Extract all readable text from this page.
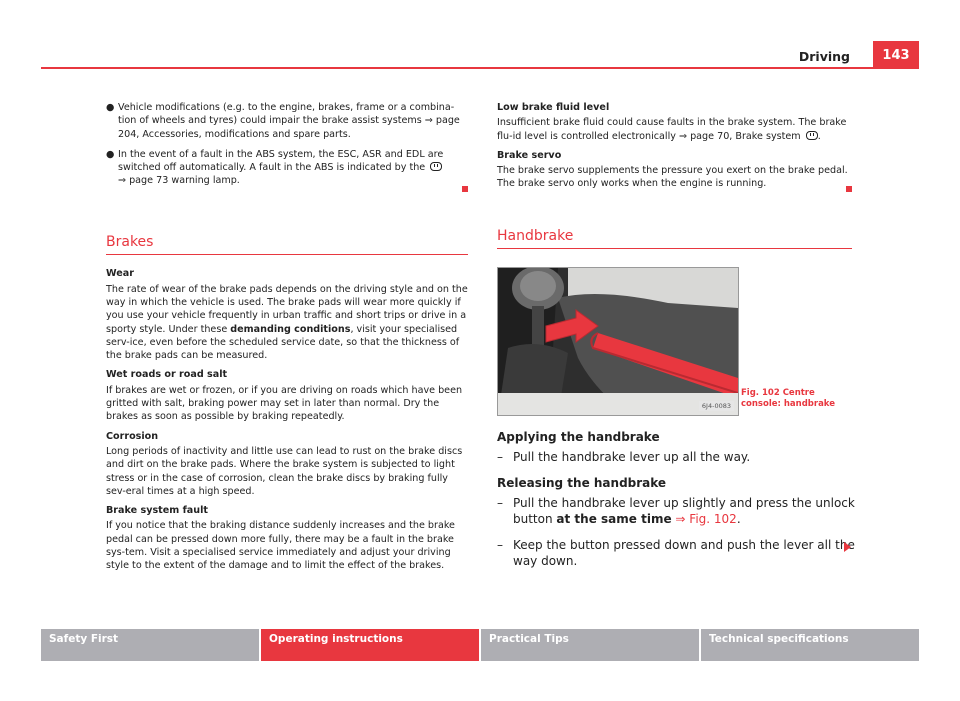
Driving	143
● Vehicle modifications (e.g. to the engine, brakes, frame or a combina-tion of wheels and tyres) could impair the brake assist systems ⇒ page 204, Accessories, modifications and spare parts.
● In the event of a fault in the ABS system, the ESC, ASR and EDL are switched off automatically. A fault in the ABS is indicated by the
⇒ page 73 warning lamp.
Brakes

Wear

The rate of wear of the brake pads depends on the driving style and on the way in which the vehicle is used. The brake pads will wear more quickly if you use your vehicle frequently in urban traffic and short trips or drive in a sporty style. Under these demanding conditions, visit your specialised serv-ice, even before the scheduled service date, so that the thickness of the brake pads can be measured.

Wet roads or road salt

If brakes are wet or frozen, or if you are driving on roads which have been gritted with salt, braking power may set in later than normal. Dry the brakes as soon as possible by braking repeatedly.

Corrosion

Long periods of inactivity and little use can lead to rust on the brake discs and dirt on the brake pads. Where the brake system is subjected to light stress or in the case of corrosion, clean the brake discs by braking fully sev-eral times at a high speed.

Brake system fault

If you notice that the braking distance suddenly increases and the brake pedal can be pressed down more fully, there may be a fault in the brake sys-tem. Visit a specialised service immediately and adjust your driving style to the extent of the damage and to limit the effect of the brakes.

Low brake fluid level

Insufficient brake fluid could cause faults in the brake system. The brake flu-id level is controlled electronically ⇒ page 70, Brake system .

Brake servo

The brake servo supplements the pressure you exert on the brake pedal. The brake servo only works when the engine is running.

Handbrake
6J4-0083
Fig. 102 Centre console: handbrake

Applying the handbrake

– Pull the handbrake lever up all the way.

Releasing the handbrake

– Pull the handbrake lever up slightly and press the unlock button at the same time ⇒ Fig. 102.
– Keep the button pressed down and push the lever all the way down.
Safety First	Operating instructions	Practical Tips	Technical specifications
